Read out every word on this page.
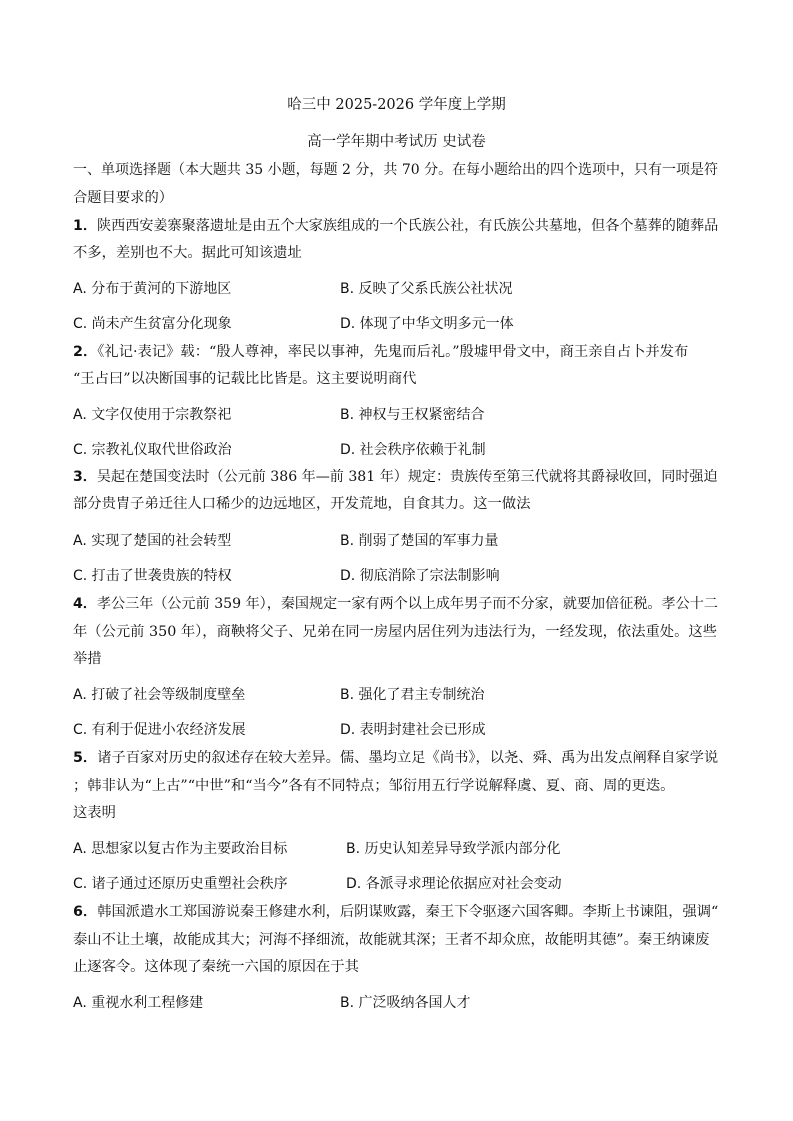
哈三中 2025-2026 学年度上学期
高一学年期中考试历 史试卷
一、单项选择题（本大题共 35 小题，每题 2 分，共 70 分。在每小题给出的四个选项中，只有一项是符
合题目要求的）
1．陕西西安姜寨聚落遗址是由五个大家族组成的一个氏族公社，有氏族公共墓地，但各个墓葬的随葬品
不多，差别也不大。据此可知该遗址
A. 分布于黄河的下游地区	B. 反映了父系氏族公社状况
C. 尚未产生贫富分化现象	D. 体现了中华文明多元一体
2．《礼记·表记》载：“殷人尊神，率民以事神，先鬼而后礼。”殷墟甲骨文中，商王亲自占卜并发布
“王占曰”以决断国事的记载比比皆是。这主要说明商代
A. 文字仅使用于宗教祭祀	B. 神权与王权紧密结合
C. 宗教礼仪取代世俗政治	D. 社会秩序依赖于礼制
3．吴起在楚国变法时（公元前 386 年—前 381 年）规定：贵族传至第三代就将其爵禄收回，同时强迫
部分贵胄子弟迁往人口稀少的边远地区，开发荒地，自食其力。这一做法
A. 实现了楚国的社会转型	B. 削弱了楚国的军事力量
C. 打击了世袭贵族的特权	D. 彻底消除了宗法制影响
4．孝公三年（公元前 359 年），秦国规定一家有两个以上成年男子而不分家，就要加倍征税。孝公十二
年（公元前 350 年），商鞅将父子、兄弟在同一房屋内居住列为违法行为，一经发现，依法重处。这些
举措
A. 打破了社会等级制度壁垒	B. 强化了君主专制统治
C. 有利于促进小农经济发展	D. 表明封建社会已形成
5．诸子百家对历史的叙述存在较大差异。儒、墨均立足《尚书》，以尧、舜、禹为出发点阐释自家学说
；韩非认为“上古”“中世”和“当今”各有不同特点；邹衍用五行学说解释虞、夏、商、周的更迭。
这表明
A. 思想家以复古作为主要政治目标	B. 历史认知差异导致学派内部分化
C. 诸子通过还原历史重塑社会秩序	D. 各派寻求理论依据应对社会变动
6．韩国派遣水工郑国游说秦王修建水利，后阴谋败露，秦王下令驱逐六国客卿。李斯上书谏阻，强调“
泰山不让土壤，故能成其大；河海不择细流，故能就其深；王者不却众庶，故能明其德”。秦王纳谏废
止逐客令。这体现了秦统一六国的原因在于其
A. 重视水利工程修建	B. 广泛吸纳各国人才
